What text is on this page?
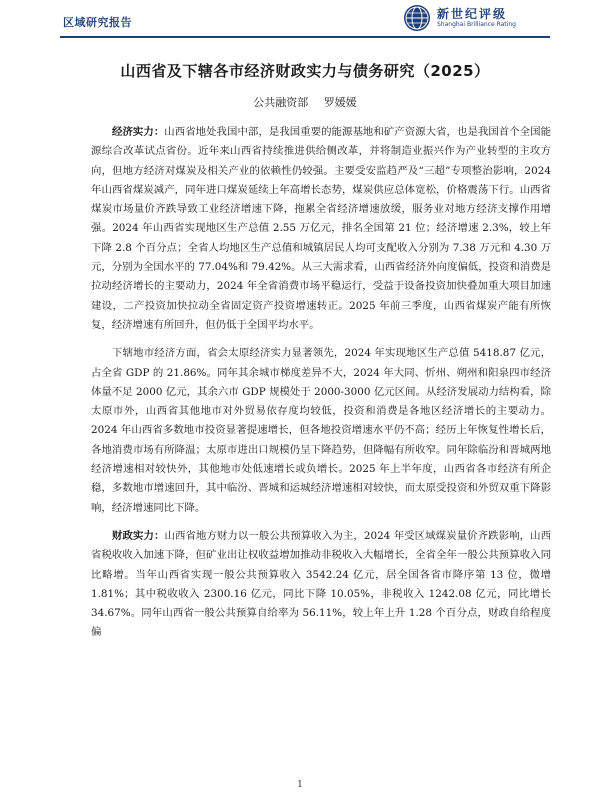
区域研究报告
新世纪评级
Shanghai Brilliance Rating
山西省及下辖各市经济财政实力与债务研究（2025）
公共融资部 罗媛媛

经济实力：山西省地处我国中部，是我国重要的能源基地和矿产资源大省，也是我国首个全国能源综合改革试点省份。近年来山西省持续推进供给侧改革，并将制造业振兴作为产业转型的主攻方向，但地方经济对煤炭及相关产业的依赖性仍较强。主要受安监趋严及“三超”专项整治影响，2024 年山西省煤炭减产，同年进口煤炭延续上年高增长态势，煤炭供应总体宽松，价格震荡下行。山西省煤炭市场量价齐跌导致工业经济增速下降，拖累全省经济增速放缓，服务业对地方经济支撑作用增强。2024 年山西省实现地区生产总值 2.55 万亿元，排名全国第 21 位；经济增速 2.3%，较上年下降 2.8 个百分点；全省人均地区生产总值和城镇居民人均可支配收入分别为 7.38 万元和 4.30 万元，分别为全国水平的 77.04%和 79.42%。从三大需求看，山西省经济外向度偏低，投资和消费是拉动经济增长的主要动力，2024 年全省消费市场平稳运行，受益于设备投资加快叠加重大项目加速建设，二产投资加快拉动全省固定资产投资增速转正。2025 年前三季度，山西省煤炭产能有所恢复，经济增速有所回升，但仍低于全国平均水平。

下辖地市经济方面，省会太原经济实力显著领先，2024 年实现地区生产总值 5418.87 亿元，占全省 GDP 的 21.86%。同年其余城市梯度差异不大，2024 年大同、忻州、朔州和阳泉四市经济体量不足 2000 亿元，其余六市 GDP 规模处于 2000-3000 亿元区间。从经济发展动力结构看，除太原市外，山西省其他地市对外贸易依存度均较低，投资和消费是各地区经济增长的主要动力。2024 年山西省多数地市投资显著提速增长，但各地投资增速水平仍不高；经历上年恢复性增长后，各地消费市场有所降温；太原市进出口规模仍呈下降趋势，但降幅有所收窄。同年除临汾和晋城两地经济增速相对较快外，其他地市处低速增长或负增长。2025 年上半年度，山西省各市经济有所企稳，多数地市增速回升，其中临汾、晋城和运城经济增速相对较快，而太原受投资和外贸双重下降影响，经济增速同比下降。

财政实力：山西省地方财力以一般公共预算收入为主，2024 年受区域煤炭量价齐跌影响，山西省税收收入加速下降，但矿业出让权收益增加推动非税收入大幅增长，全省全年一般公共预算收入同比略增。当年山西省实现一般公共预算收入 3542.24 亿元，居全国各省市降序第 13 位，微增 1.81%；其中税收收入 2300.16 亿元，同比下降 10.05%，非税收入 1242.08 亿元，同比增长 34.67%。同年山西省一般公共预算自给率为 56.11%，较上年上升 1.28 个百分点，财政自给程度偏

1
